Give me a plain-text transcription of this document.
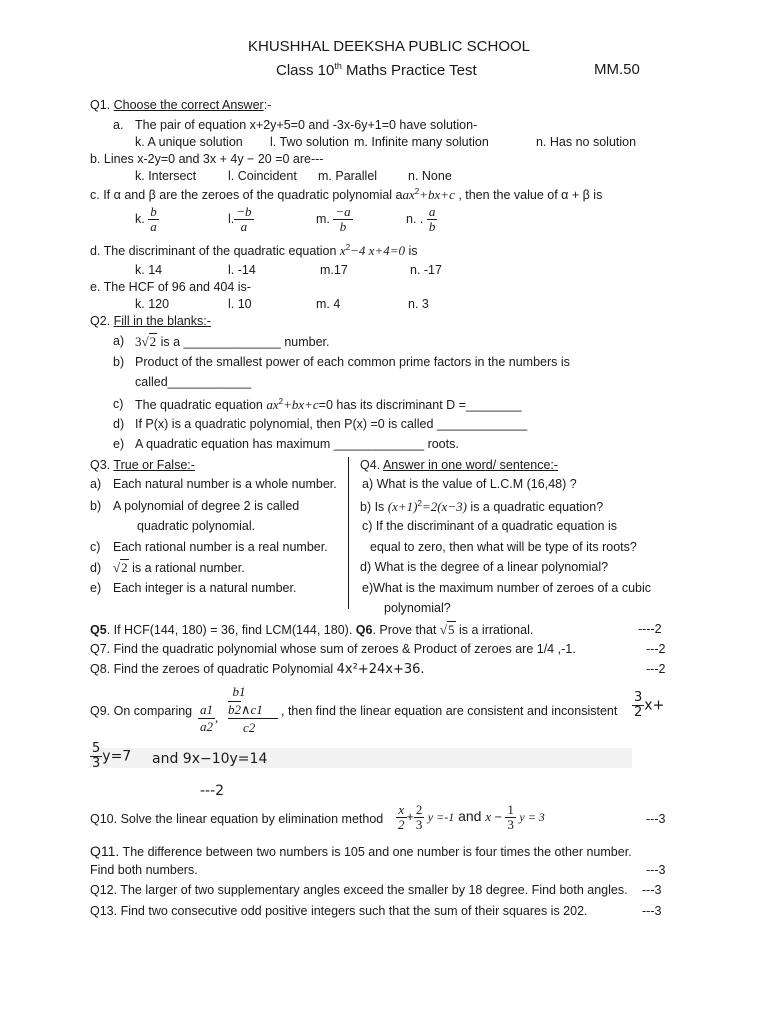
KHUSHHAL DEEKSHA PUBLIC SCHOOL
Class 10th Maths Practice Test	MM.50
Q1. Choose the correct Answer:-
a. The pair of equation x+2y+5=0 and -3x-6y+1=0 have solution-
k. A unique solution l. Two solution m. Infinite many solution	n. Has no solution
b. Lines x-2y=0 and 3x + 4y − 20 =0 are---
k. Intersect	l. Coincident m. Parallel n. None
c. If α and β are the zeroes of the quadratic polynomial aax$^2$+bx+c , then the value of α + β is
k. $\frac{b}{a}$	l. $\frac{-b}{a}$	m. $\frac{-a}{b}$	n. . $\frac{a}{b}$
d. The discriminant of the quadratic equation $x^2-4$ x+4=0 is
k. 14	l. -14	m.17	n. -17
e. The HCF of 96 and 404 is-
k. 120	l. 10	m. 4	n. 3
Q2. Fill in the blanks:-
a) 3√2 is a ______________ number.
b) Product of the smallest power of each common prime factors in the numbers is
called____________
c) The quadratic equation $ax^2+bx+c=0$ has its discriminant D =________
d) If P(x) is a quadratic polynomial, then P(x) =0 is called _____________
e) A quadratic equation has maximum _____________ roots.
Q3. True or False:-
a) Each natural number is a whole number.
b) A polynomial of degree 2 is called
quadratic polynomial.
c) Each rational number is a real number.
d) √2 is a rational number.
e) Each integer is a natural number.
Q4. Answer in one word/ sentence:-
a) What is the value of L.C.M (16,48) ?
b) Is $(x+1)^2=2(x-3)$ is a quadratic equation?
c) If the discriminant of a quadratic equation is
equal to zero, then what will be type of its roots?
d) What is the degree of a linear polynomial?
e)What is the maximum number of zeroes of a cubic
polynomial?
Q5. If HCF(144, 180) = 36, find LCM(144, 180). Q6. Prove that √5 is a irrational.	----2
Q7. Find the quadratic polynomial whose sum of zeroes & Product of zeroes are 1/4 ,-1.	---2
Q8. Find the zeroes of quadratic Polynomial 4x²+24x+36.	---2
Q9. On comparing $\frac{a1}{a2}$ ,
b1
b2∧c1
c2
, then find the linear equation are consistent and inconsistent $\frac{3}{2} x+$
$\frac{5}{3} y=7$ and 9x−10y=14
---2
Q10. Solve the linear equation by elimination method $\frac{x}{2} + \frac{2}{3}$ y =-1 and $x - \frac{1}{3}$ y = 3	---3
Q11. The difference between two numbers is 105 and one number is four times the other number.
Find both numbers.	---3
Q12. The larger of two supplementary angles exceed the smaller by 18 degree. Find both angles. ---3
Q13. Find two consecutive odd positive integers such that the sum of their squares is 202.	---3
